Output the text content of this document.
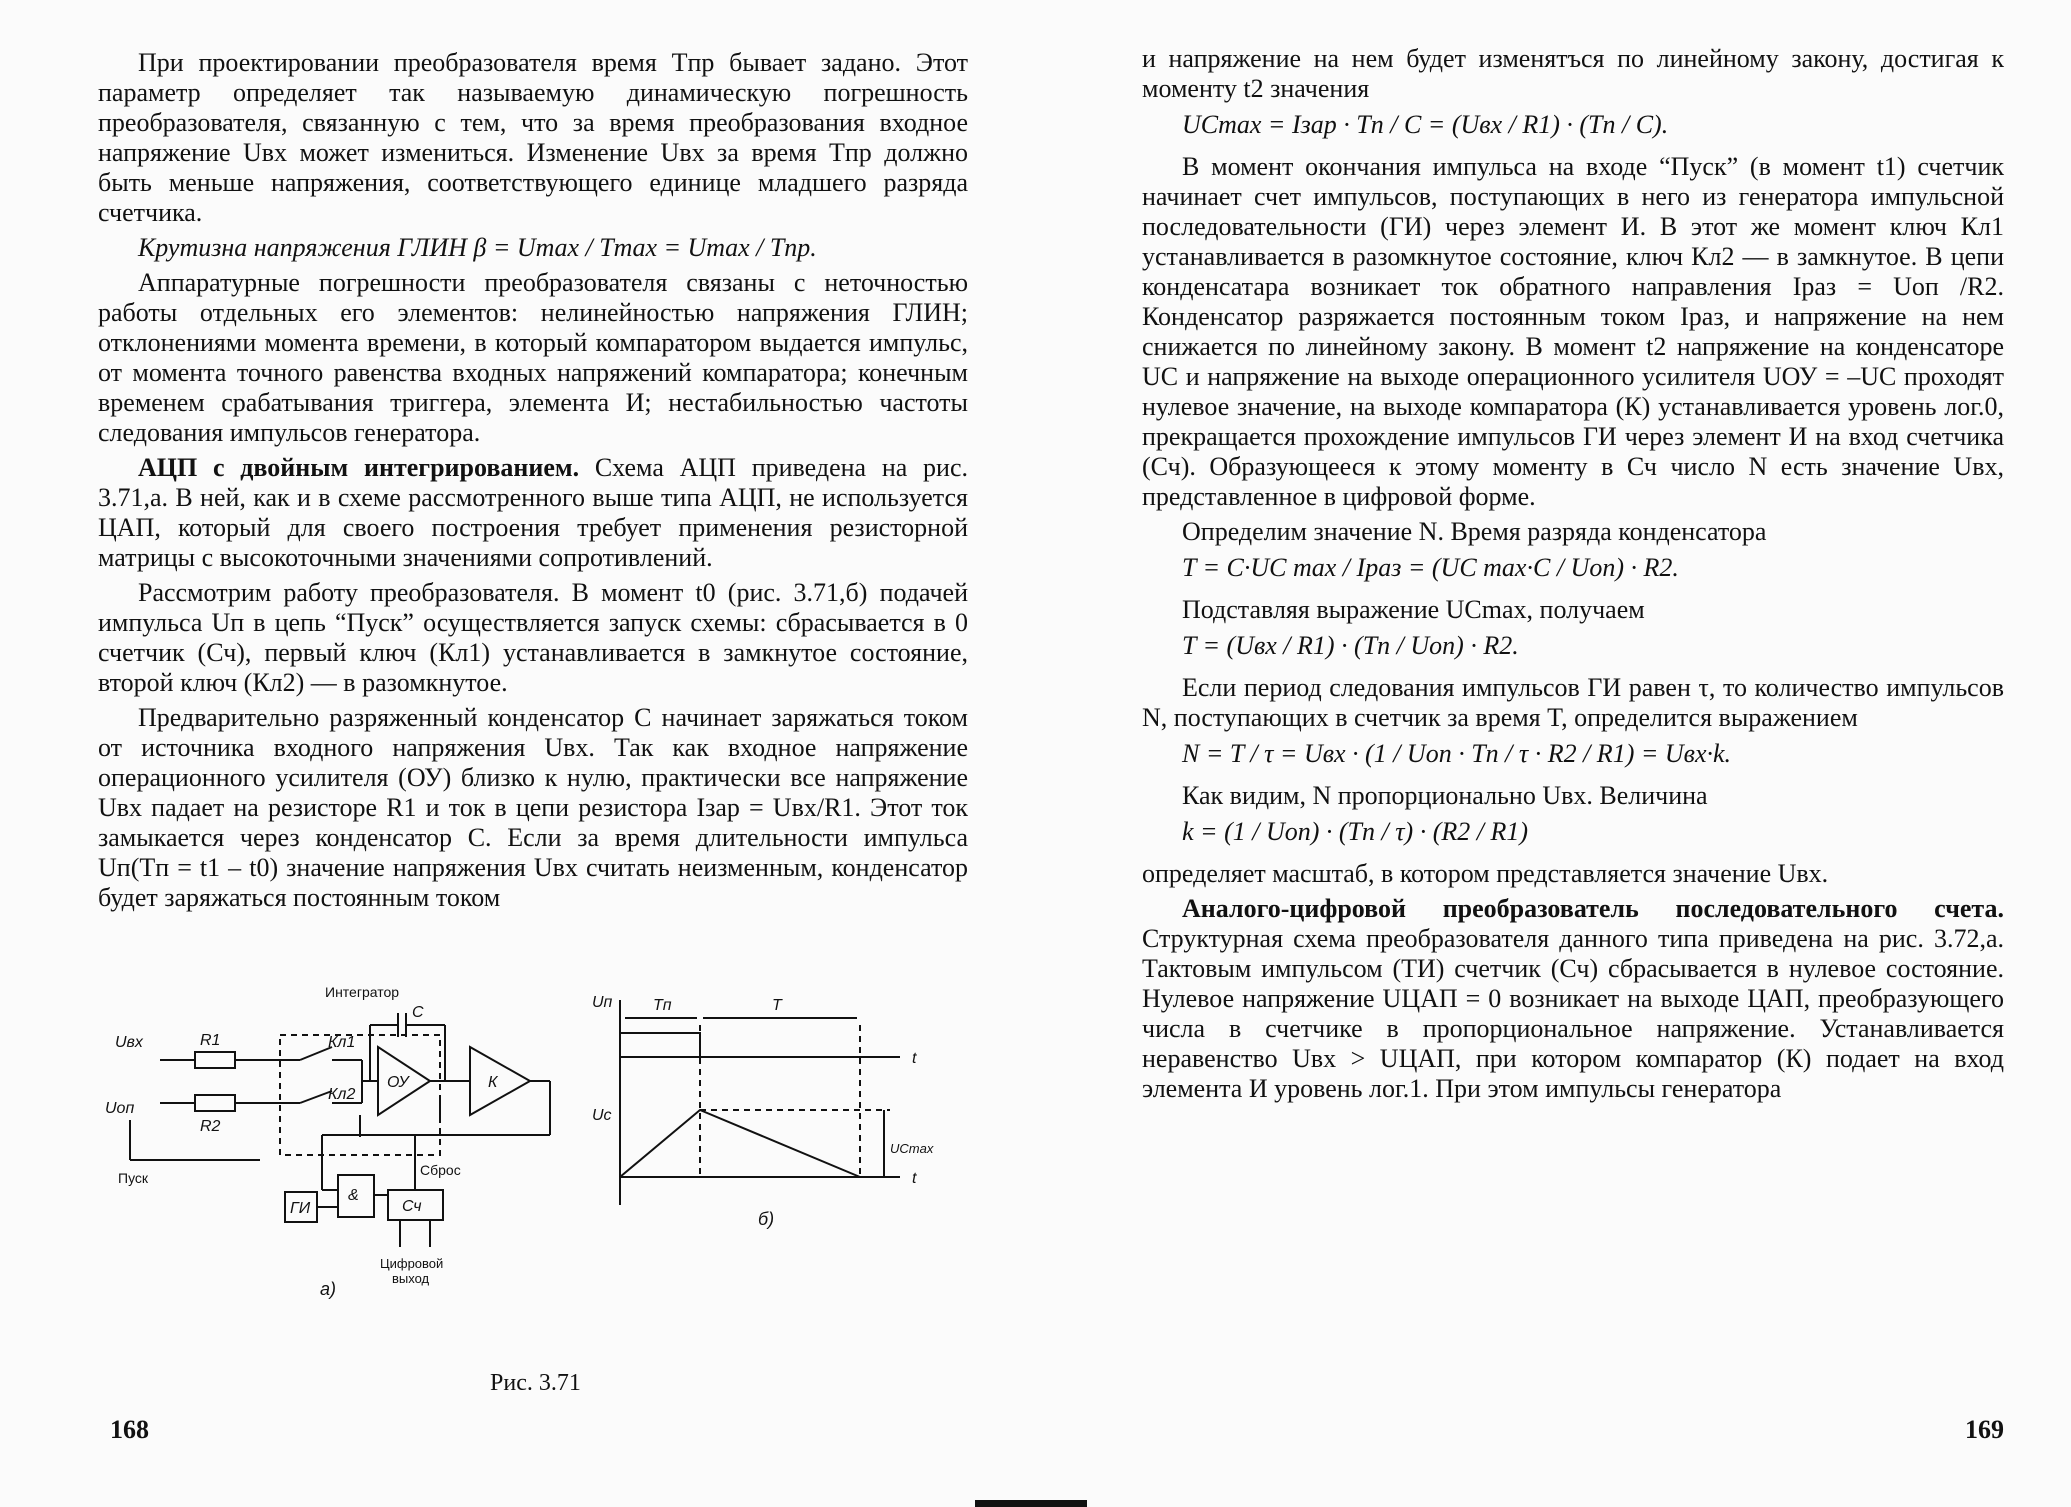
При проектировании преобразователя время Tпр бывает задано. Этот параметр определяет так называемую динамическую погрешность преобразователя, связанную с тем, что за время преобразования входное напряжение Uвх может измениться. Изменение Uвх за время Tпр должно быть меньше напряжения, соответствующего единице младшего разряда счетчика.

Крутизна напряжения ГЛИН β = Umax / Tmax = Umax / Tпр.

Аппаратурные погрешности преобразователя связаны с неточностью работы отдельных его элементов: нелинейностью напряжения ГЛИН; отклонениями момента времени, в который компаратором выдается импульс, от момента точного равенства входных напряжений компаратора; конечным временем срабатывания триггера, элемента И; нестабильностью частоты следования импульсов генератора.

АЦП с двойным интегрированием. Схема АЦП приведена на рис. 3.71,а. В ней, как и в схеме рассмотренного выше типа АЦП, не используется ЦАП, который для своего построения требует применения резисторной матрицы с высокоточными значениями сопротивлений.

Рассмотрим работу преобразователя. В момент t0 (рис. 3.71,б) подачей импульса Uп в цепь “Пуск” осуществляется запуск схемы: сбрасывается в 0 счетчик (Сч), первый ключ (Кл1) устанавливается в замкнутое состояние, второй ключ (Кл2) — в разомкнутое.

Предварительно разряженный конденсатор С начинает заряжаться током от источника входного напряжения Uвх. Так как входное напряжение операционного усилителя (ОУ) близко к нулю, практически все напряжение Uвх падает на резисторе R1 и ток в цепи резистора Iзар = Uвх/R1. Этот ток замыкается через конденсатор С. Если за время длительности импульса Uп(Tп = t1 – t0) значение напряжения Uвх считать неизменным, конденсатор будет заряжаться постоянным током

Интегратор
Uвх	R1	Кл1
C
Uоп
R2
Кл2
ОУ	К
Пуск	Сброс
ГИ
&
Сч
Цифровой
выход
а)
б)
Uп
Uс
Tп	T
t
t
UCmax
Рис. 3.71
168

и напряжение на нем будет изменятъся по линейному закону, достигая к моменту t2 значения

UCmax = Iзар · Tп / C = (Uвх / R1) · (Tп / C).

В момент окончания импульса на входе “Пуск” (в момент t1) счетчик начинает счет импульсов, поступающих в него из генератора импульсной последовательности (ГИ) через элемент И. В этот же момент ключ Кл1 устанавливается в разомкнутое состояние, ключ Кл2 — в замкнутое. В цепи конденсатара возникает ток обратного направления Iраз = Uоп /R2. Конденсатор разряжается постоянным током Iраз, и напряжение на нем снижается по линейному закону. В момент t2 напряжение на конденсаторе UC и напряжение на выходе операционного усилителя UОУ = –UC проходят нулевое значение, на выходе компаратора (К) устанавливается уровень лог.0, прекращается прохождение импульсов ГИ через элемент И на вход счетчика (Сч). Образующееся к этому моменту в Сч число N есть значение Uвх, представленное в цифровой форме.

Определим значение N. Время разряда конденсатора

T = C·UC max / Iраз = (UC max·C / Uоп) · R2.

Подставляя выражение UCmax, получаем

T = (Uвх / R1) · (Tп / Uоп) · R2.

Если период следования импульсов ГИ равен τ, то количество импульсов N, поступающих в счетчик за время T, определится выражением

N = T / τ = Uвх · (1 / Uоп · Tп / τ · R2 / R1) = Uвх·k.

Как видим, N пропорционально Uвх. Величина

k = (1 / Uоп) · (Tп / τ) · (R2 / R1)

определяет масштаб, в котором представляется значение Uвх.

Аналого-цифровой преобразователь последовательного счета. Структурная схема преобразователя данного типа приведена на рис. 3.72,а. Тактовым импульсом (ТИ) счетчик (Сч) сбрасывается в нулевое состояние. Нулевое напряжение UЦАП = 0 возникает на выходе ЦАП, преобразующего числа в счетчике в пропорциональное напряжение. Устанавливается неравенство Uвх > UЦАП, при котором компаратор (К) подает на вход элемента И уровень лог.1. При этом импульсы генератора

169
